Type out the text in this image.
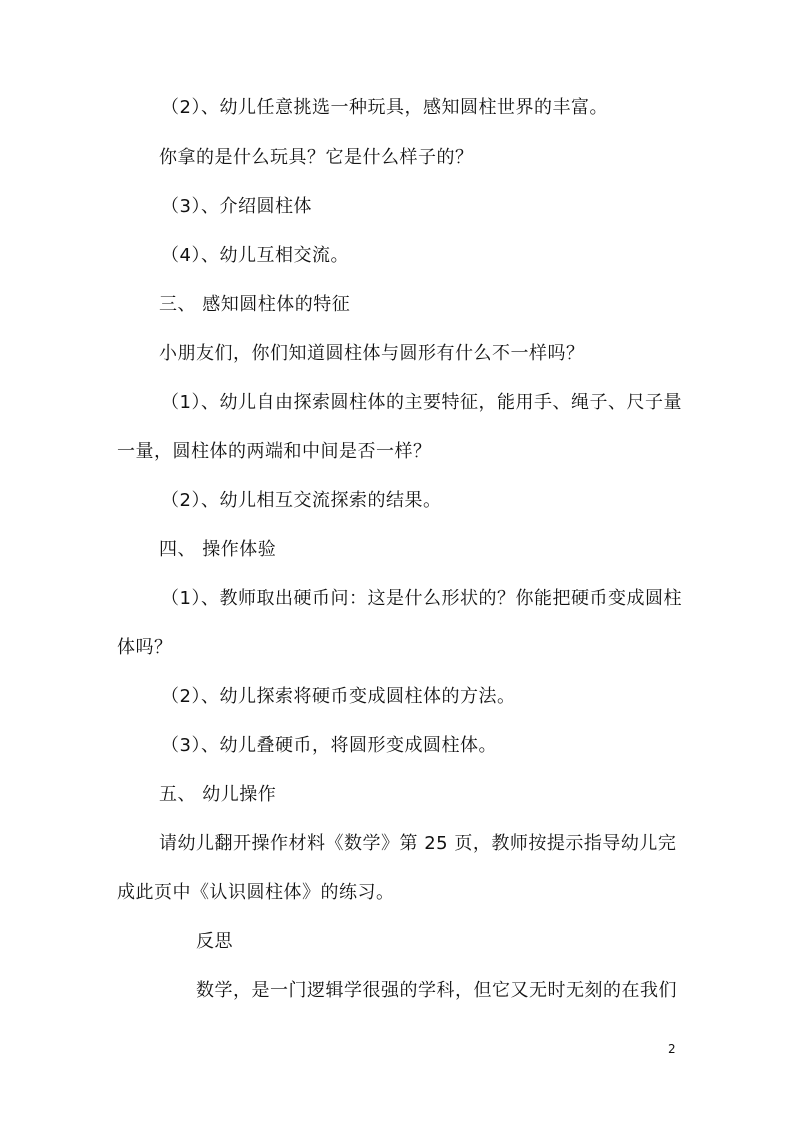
（2）、幼儿任意挑选一种玩具，感知圆柱世界的丰富。
你拿的是什么玩具？它是什么样子的？
（3）、介绍圆柱体
（4）、幼儿互相交流。
三、 感知圆柱体的特征
小朋友们，你们知道圆柱体与圆形有什么不一样吗？
（1）、幼儿自由探索圆柱体的主要特征，能用手、绳子、尺子量
一量，圆柱体的两端和中间是否一样？
（2）、幼儿相互交流探索的结果。
四、 操作体验
（1）、教师取出硬币问：这是什么形状的？你能把硬币变成圆柱
体吗？
（2）、幼儿探索将硬币变成圆柱体的方法。
（3）、幼儿叠硬币，将圆形变成圆柱体。
五、 幼儿操作
请幼儿翻开操作材料《数学》第 25 页，教师按提示指导幼儿完
成此页中《认识圆柱体》的练习。
反思
数学，是一门逻辑学很强的学科，但它又无时无刻的在我们
2
